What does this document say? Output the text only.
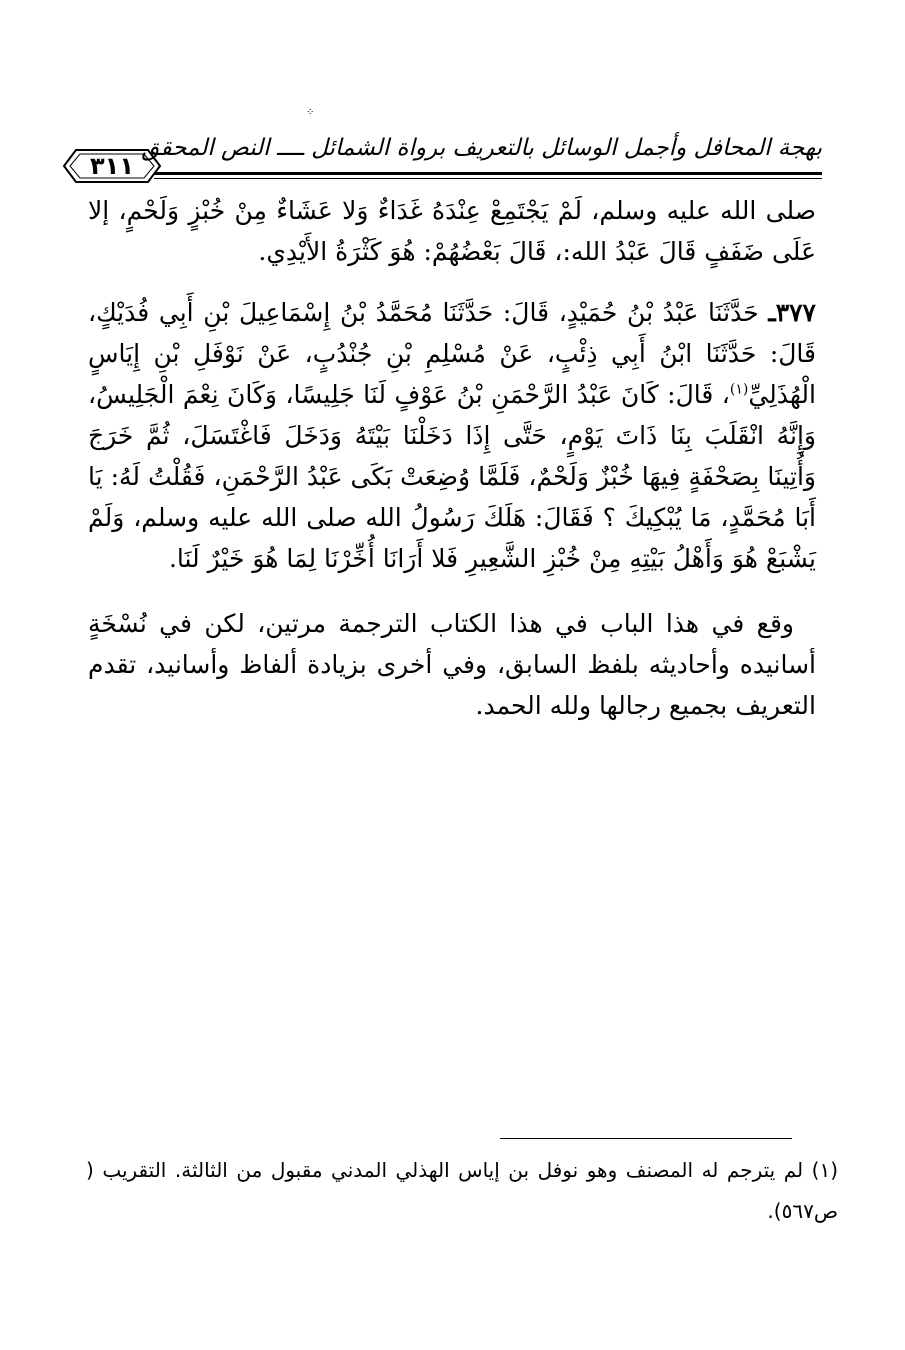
⁘
بهجة المحافل وأجمل الوسائل بالتعريف برواة الشمائل ــــ النص المحقق
٣١١

صلى الله عليه وسلم، لَمْ يَجْتَمِعْ عِنْدَهُ غَدَاءٌ وَلا عَشَاءٌ مِنْ خُبْزٍ وَلَحْمٍ، إلا عَلَى ضَفَفٍ قَالَ عَبْدُ الله:، قَالَ بَعْضُهُمْ: هُوَ كَثْرَةُ الأَيْدِي.

٣٧٧ـ حَدَّثَنَا عَبْدُ بْنُ حُمَيْدٍ، قَالَ: حَدَّثَنَا مُحَمَّدُ بْنُ إِسْمَاعِيلَ بْنِ أَبِي فُدَيْكٍ، قَالَ: حَدَّثَنَا ابْنُ أَبِي ذِئْبٍ، عَنْ مُسْلِمِ بْنِ جُنْدُبٍ، عَنْ نَوْفَلِ بْنِ إِيَاسٍ الْهُذَلِيِّ$^{(١)}$، قَالَ: كَانَ عَبْدُ الرَّحْمَنِ بْنُ عَوْفٍ لَنَا جَلِيسًا، وَكَانَ نِعْمَ الْجَلِيسُ، وَإِنَّهُ انْقَلَبَ بِنَا ذَاتَ يَوْمٍ، حَتَّى إِذَا دَخَلْنَا بَيْتَهُ وَدَخَلَ فَاغْتَسَلَ، ثُمَّ خَرَجَ وَأُتِينَا بِصَحْفَةٍ فِيهَا خُبْزٌ وَلَحْمٌ، فَلَمَّا وُضِعَتْ بَكَى عَبْدُ الرَّحْمَنِ، فَقُلْتُ لَهُ: يَا أَبَا مُحَمَّدٍ، مَا يُبْكِيكَ ؟ فَقَالَ: هَلَكَ رَسُولُ الله صلى الله عليه وسلم، وَلَمْ يَشْبَعْ هُوَ وَأَهْلُ بَيْتِهِ مِنْ خُبْزِ الشَّعِيرِ فَلا أَرَانَا أُخِّرْنَا لِمَا هُوَ خَيْرٌ لَنَا.

وقع في هذا الباب في هذا الكتاب الترجمة مرتين، لكن في نُسْخَةٍ أسانيده وأحاديثه بلفظ السابق، وفي أخرى بزيادة ألفاظ وأسانيد، تقدم التعريف بجميع رجالها ولله الحمد.

(١) لم يترجم له المصنف وهو نوفل بن إياس الهذلي المدني مقبول من الثالثة. التقريب ( ص٥٦٧).
